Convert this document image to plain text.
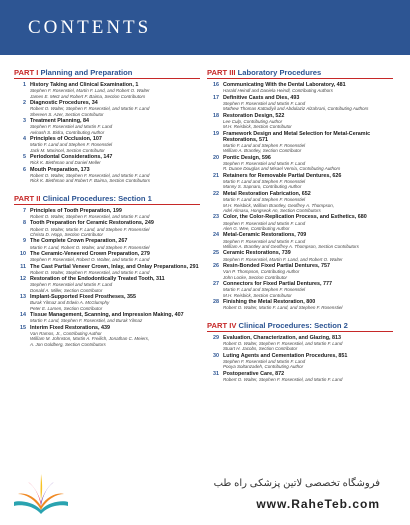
CONTENTS
PART I Planning and Preparation
1 History Taking and Clinical Examination, 1
Stephen F. Rosenstiel, Martin F. Land, and Robert O. Walter
James E. Metz and Robert F. Baima, Section Contributors
2 Diagnostic Procedures, 34
Robert O. Walter, Stephen F. Rosenstiel, and Martin F. Land
Shereen S. Azer, Section Contributor
3 Treatment Planning, 84
Stephen F. Rosenstiel and Martin F. Land
Avinash S. Bidra, Contributing Author
4 Principles of Occlusion, 107
Martin F. Land and Stephen F. Rosenstiel
Jack M. Marincel, Section Contributor
5 Periodontal Considerations, 147
Rick K. Biethman and Daniel Meller
6 Mouth Preparation, 173
Robert O. Walter, Stephen F. Rosenstiel, and Martin F. Land
Rick K. Biethman and Robert F. Baima, Section Contributors
PART II Clinical Procedures: Section 1
7 Principles of Tooth Preparation, 199
Robert O. Walter, Stephen F. Rosenstiel, and Martin F. Land
8 Tooth Preparation for Ceramic Restorations, 249
Robert O. Walter, Martin F. Land, and Stephen F. Rosenstiel
Christa D. Hopp, Section Contributor
9 The Complete Crown Preparation, 267
Martin F. Land, Robert O. Walter, and Stephen F. Rosenstiel
10 The Ceramic-Veneered Crown Preparation, 279
Stephen F. Rosenstiel, Robert O. Walter, and Martin F. Land
11 The Cast Partial Veneer Crown, Inlay, and Onlay Preparations, 291
Robert O. Walter, Stephen F. Rosenstiel, and Martin F. Land
12 Restoration of the Endodontically Treated Tooth, 311
Stephen F. Rosenstiel and Martin F. Land
Donald A. Miller, Section Contributor
13 Implant-Supported Fixed Prostheses, 355
Burak Yilmaz and Edwin A. McGlumphy
Peter E. Larsen, Section Contributor
14 Tissue Management, Scanning, and Impression Making, 407
Martin F. Land, Stephen F. Rosenstiel, and Burak Yilmaz
15 Interim Fixed Restorations, 439
Van Ramos, Jr., Contributing Author
William M. Johnston, Martin A. Freilich, Jonathan C. Meiers,
A. Jon Goldberg, Section Contributors
PART III Laboratory Procedures
16 Communicating With the Dental Laboratory, 481
Harald Heindl and Daniela Heindl, Contributing Authors
17 Definitive Casts and Dies, 493
Stephen F. Rosenstiel and Martin F. Land
Mathew Thomas Kattadiyil and Abdulaziz Alzahrani, Contributing Authors
18 Restoration Design, 522
Lee Culp, Contributing Author
M.H. Reisbick, Section Contributor
19 Framework Design and Metal Selection for Metal-Ceramic Restorations, 571
Martin F. Land and Stephen F. Rosenstiel
William A. Brantley, Section Contributor
20 Pontic Design, 596
Stephen F. Rosenstiel and Martin F. Land
R. Duane Douglas and Misael Vernia, Contributing Authors
21 Retainers for Removable Partial Dentures, 626
Martin F. Land and Stephen F. Rosenstiel
Manny S. Sapnaro, Contributing Author
22 Metal Restoration Fabrication, 652
Martin F. Land and Stephen F. Rosenstiel
M.H. Reisbick, William Brantley, Geoffrey A. Thompson,
Adel Almasu, Hongseok An, Section Contributors
23 Color, the Color-Replication Process, and Esthetics, 680
Stephen F. Rosenstiel and Martin F. Land
Alen G. Wee, Contributing Author
24 Metal-Ceramic Restorations, 709
Stephen F. Rosenstiel and Martin F. Land
William A. Brantley and Geoffrey A. Thompson, Section Contributors
25 Ceramic Restorations, 739
Stephen F. Rosenstiel, Martin F. Land, and Robert O. Walter
26 Resin-Bonded Fixed Partial Dentures, 757
Van P. Thompson, Contributing Author
John Locke, Section Contributor
27 Connectors for Fixed Partial Dentures, 777
Martin F. Land and Stephen F. Rosenstiel
M.H. Reisbick, Section Contributor
28 Finishing the Metal Restoration, 800
Robert O. Walter, Martin F. Land, and Stephen F. Rosenstiel
PART IV Clinical Procedures: Section 2
29 Evaluation, Characterization, and Glazing, 813
Robert O. Walter, Stephen F. Rosenstiel, and Martin F. Land
Stuart H. Jacobs, Section Contributor
30 Luting Agents and Cementation Procedures, 851
Stephen F. Rosenstiel and Martin F. Land
Pooya Soltanzadeh, Contributing Author
31 Postoperative Care, 872
Robert O. Walter, Stephen F. Rosenstiel, and Martin F. Land
فروشگاه تخصصی لاتین پزشکی راه طب
www.RaheTeb.com
